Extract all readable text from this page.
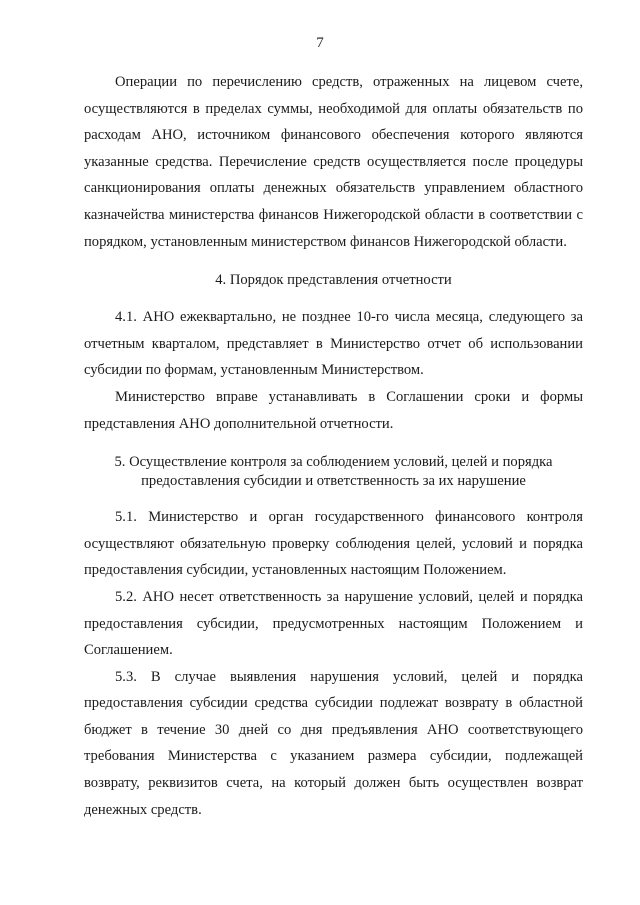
7

Операции по перечислению средств, отраженных на лицевом счете, осуществляются в пределах суммы, необходимой для оплаты обязательств по расходам АНО, источником финансового обеспечения которого являются указанные средства. Перечисление средств осуществляется после процедуры санкционирования оплаты денежных обязательств управлением областного казначейства министерства финансов Нижегородской области в соответствии с порядком, установленным министерством финансов Нижегородской области.

4. Порядок представления отчетности

4.1. АНО ежеквартально, не позднее 10-го числа месяца, следующего за отчетным кварталом, представляет в Министерство отчет об использовании субсидии по формам, установленным Министерством.

Министерство вправе устанавливать в Соглашении сроки и формы представления АНО дополнительной отчетности.

5. Осуществление контроля за соблюдением условий, целей и порядка
предоставления субсидии и ответственность за их нарушение

5.1. Министерство и орган государственного финансового контроля осуществляют обязательную проверку соблюдения целей, условий и порядка предоставления субсидии, установленных настоящим Положением.

5.2. АНО несет ответственность за нарушение условий, целей и порядка предоставления субсидии, предусмотренных настоящим Положением и Соглашением.

5.3. В случае выявления нарушения условий, целей и порядка предоставления субсидии средства субсидии подлежат возврату в областной бюджет в течение 30 дней со дня предъявления АНО соответствующего требования Министерства с указанием размера субсидии, подлежащей возврату, реквизитов счета, на который должен быть осуществлен возврат денежных средств.
